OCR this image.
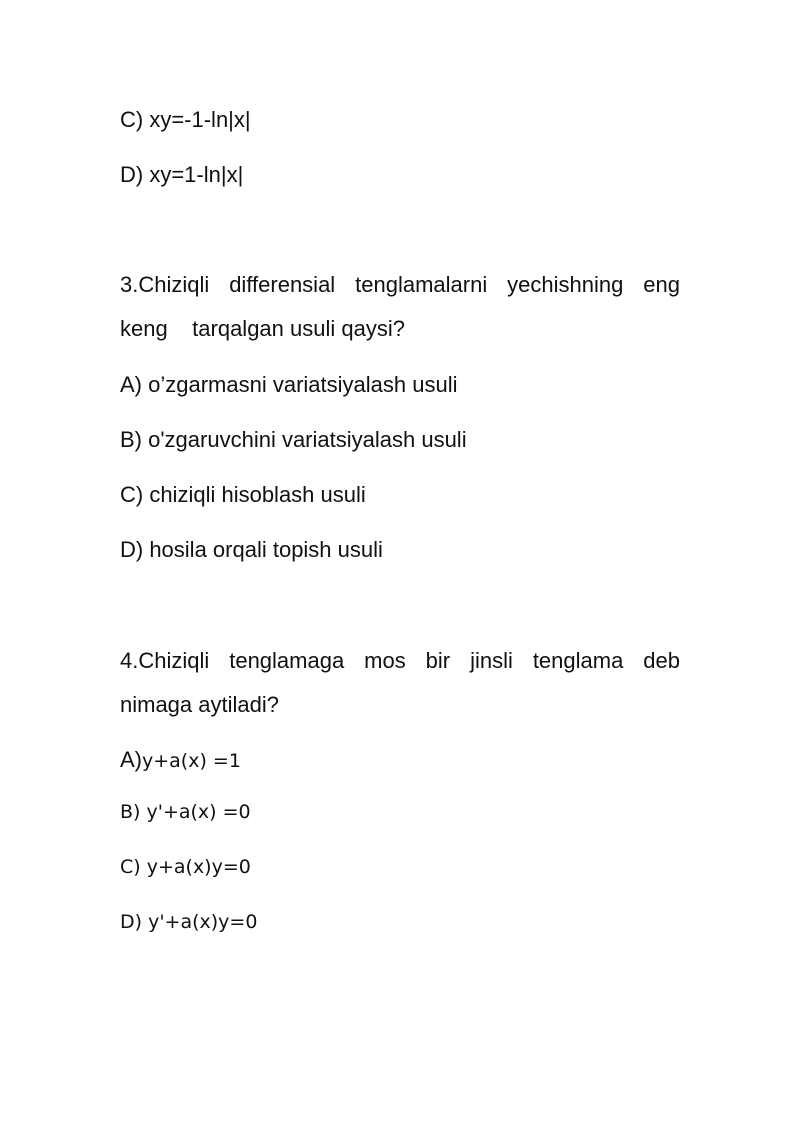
C) xy=-1-ln|x|
D) xy=1-ln|x|
3.Chiziqli differensial tenglamalarni yechishning eng
keng    tarqalgan usuli qaysi?
A) o’zgarmasni variatsiyalash usuli
B) o'zgaruvchini variatsiyalash usuli
C) chiziqli hisoblash usuli
D) hosila orqali topish usuli
4.Chiziqli tenglamaga mos bir jinsli tenglama deb
nimaga aytiladi?
A)y+a(x) =1
B) y'+a(x) =0
C) y+a(x)y=0
D) y'+a(x)y=0
